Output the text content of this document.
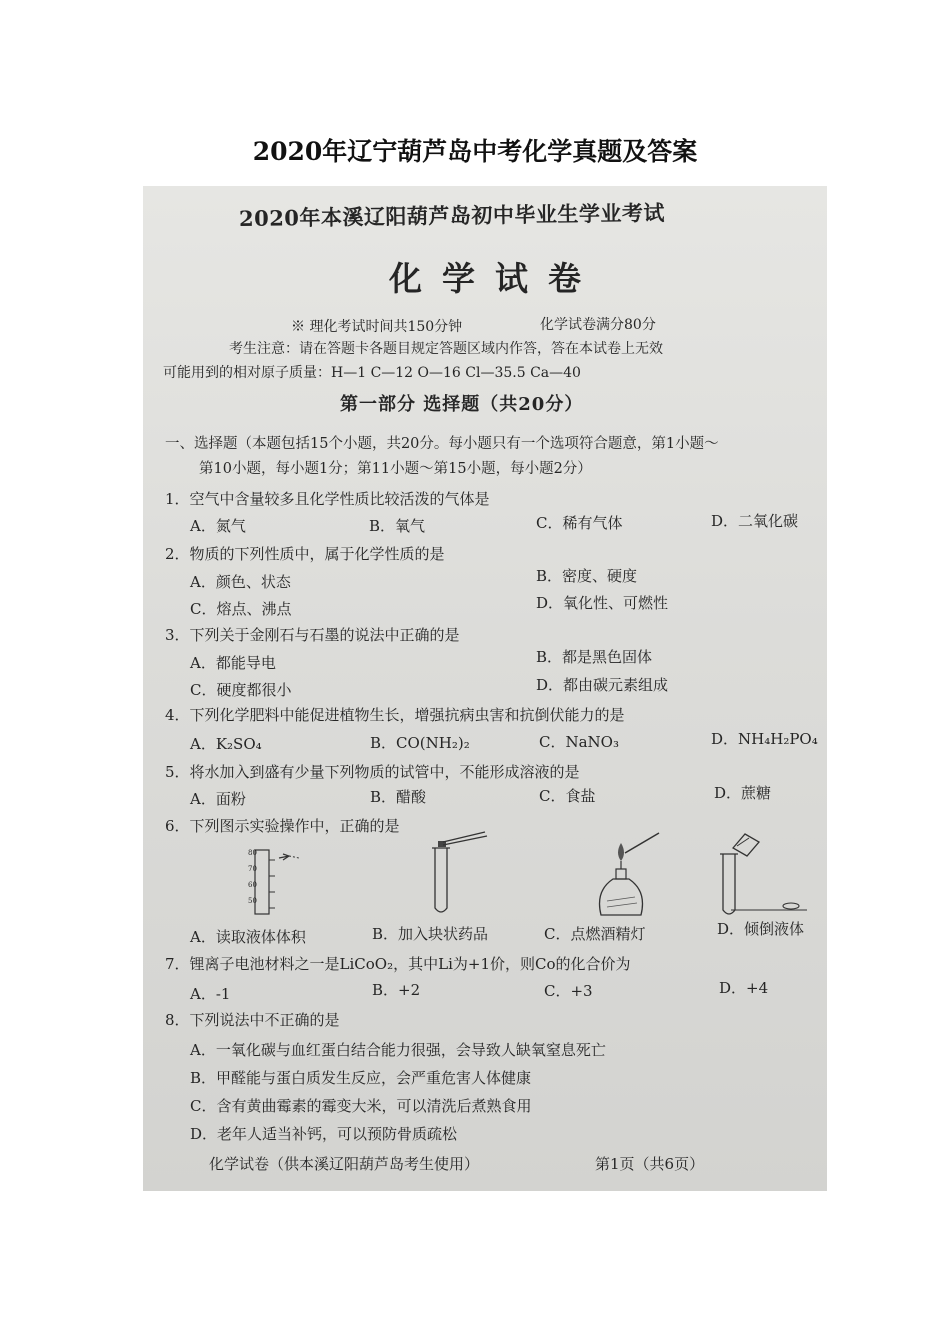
2020年辽宁葫芦岛中考化学真题及答案
2020年本溪辽阳葫芦岛初中毕业生学业考试
化学试卷
※ 理化考试时间共150分钟	化学试卷满分80分
考生注意：请在答题卡各题目规定答题区域内作答，答在本试卷上无效
可能用到的相对原子质量：H—1 C—12 O—16 Cl—35.5 Ca—40
第一部分 选择题（共20分）
一、选择题（本题包括15个小题，共20分。每小题只有一个选项符合题意，第1小题～
第10小题，每小题1分；第11小题～第15小题，每小题2分）
1．空气中含量较多且化学性质比较活泼的气体是
A．氮气	B．氧气	C．稀有气体	D．二氧化碳
2．物质的下列性质中，属于化学性质的是
A．颜色、状态	B．密度、硬度
C．熔点、沸点	D．氧化性、可燃性
3．下列关于金刚石与石墨的说法中正确的是
A．都能导电	B．都是黑色固体
C．硬度都很小	D．都由碳元素组成
4．下列化学肥料中能促进植物生长，增强抗病虫害和抗倒伏能力的是
A．K₂SO₄	B．CO(NH₂)₂	C．NaNO₃	D．NH₄H₂PO₄
5．将水加入到盛有少量下列物质的试管中，不能形成溶液的是
A．面粉	B．醋酸	C．食盐	D．蔗糖
6．下列图示实验操作中，正确的是
80
70
60
50
A．读取液体体积	B．加入块状药品	C．点燃酒精灯	D．倾倒液体
7．锂离子电池材料之一是LiCoO₂，其中Li为+1价，则Co的化合价为
A．-1	B．+2	C．+3	D．+4
8．下列说法中不正确的是
A．一氧化碳与血红蛋白结合能力很强，会导致人缺氧窒息死亡
B．甲醛能与蛋白质发生反应，会严重危害人体健康
C．含有黄曲霉素的霉变大米，可以清洗后煮熟食用
D．老年人适当补钙，可以预防骨质疏松
化学试卷（供本溪辽阳葫芦岛考生使用）	第1页（共6页）
